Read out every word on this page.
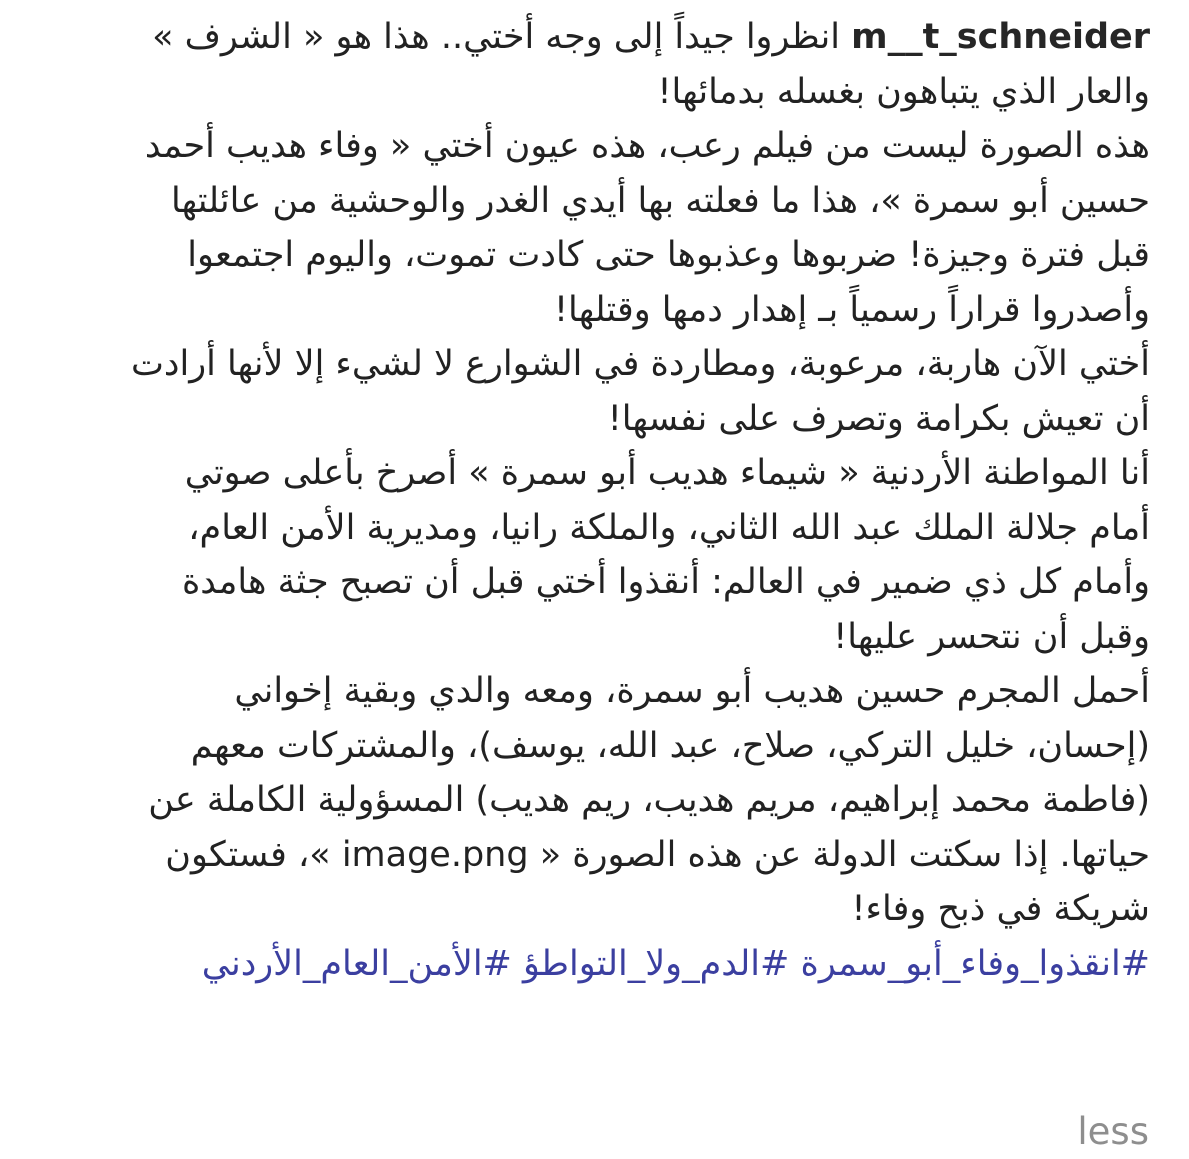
m__t_schneider انظروا جيداً إلى وجه أختي.. هذا هو « الشرف »
والعار الذي يتباهون بغسله بدمائها!
هذه الصورة ليست من فيلم رعب، هذه عيون أختي « وفاء هديب أحمد
حسين أبو سمرة »، هذا ما فعلته بها أيدي الغدر والوحشية من عائلتها
قبل فترة وجيزة! ضربوها وعذبوها حتى كادت تموت، واليوم اجتمعوا
وأصدروا قراراً رسمياً بـ إهدار دمها وقتلها!
أختي الآن هاربة، مرعوبة، ومطاردة في الشوارع لا لشيء إلا لأنها أرادت
أن تعيش بكرامة وتصرف على نفسها!
أنا المواطنة الأردنية « شيماء هديب أبو سمرة » أصرخ بأعلى صوتي
أمام جلالة الملك عبد الله الثاني، والملكة رانيا، ومديرية الأمن العام،
وأمام كل ذي ضمير في العالم: أنقذوا أختي قبل أن تصبح جثة هامدة
وقبل أن نتحسر عليها!
أحمل المجرم حسين هديب أبو سمرة، ومعه والدي وبقية إخواني
(إحسان، خليل التركي، صلاح، عبد الله، يوسف)، والمشتركات معهم
(فاطمة محمد إبراهيم، مريم هديب، ريم هديب) المسؤولية الكاملة عن
حياتها. إذا سكتت الدولة عن هذه الصورة « image.png »، فستكون
شريكة في ذبح وفاء!
#انقذوا_وفاء_أبو_سمرة #الدم_ولا_التواطؤ #الأمن_العام_الأردني
less
